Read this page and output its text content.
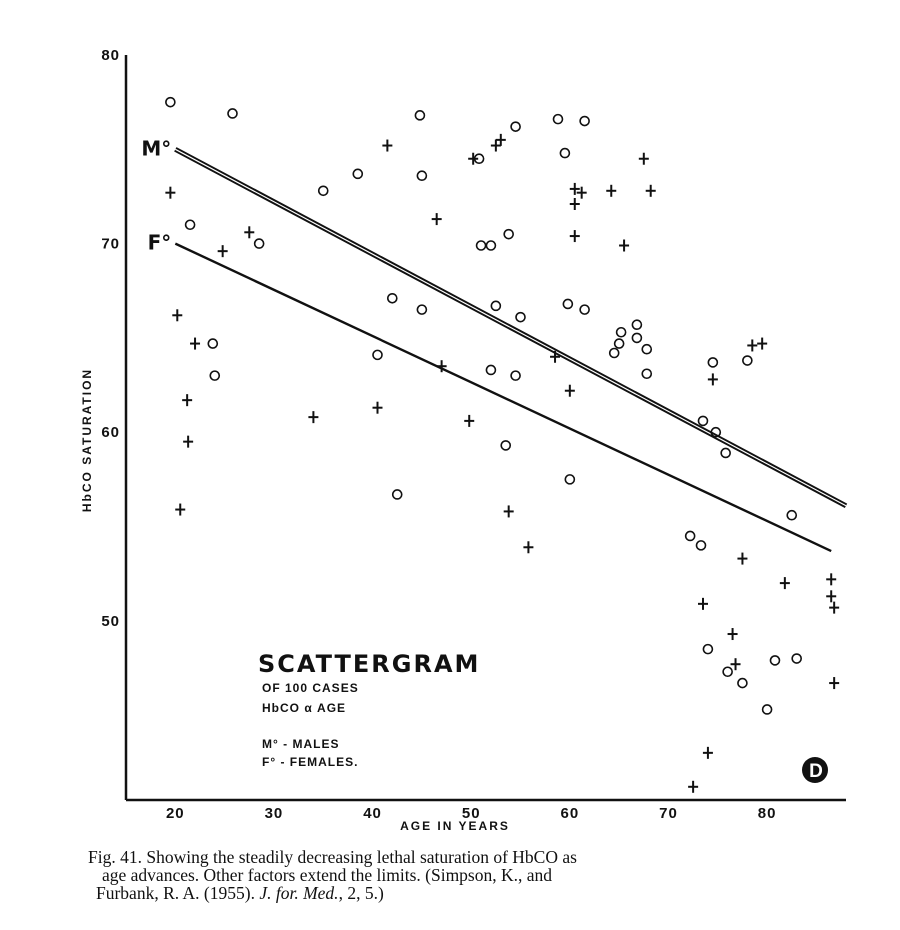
20	30	40	50	60	70	80
50
60
70
80
AGE IN YEARS
HbCO SATURATION
M°
F°
SCATTERGRAM
OF 100 CASES
HbCO α AGE
M° - MALES
F° - FEMALES.	D
Fig. 41. Showing the steadily decreasing lethal saturation of HbCO as
age advances. Other factors extend the limits. (Simpson, K., and
Furbank, R. A. (1955). J. for. Med., 2, 5.)
